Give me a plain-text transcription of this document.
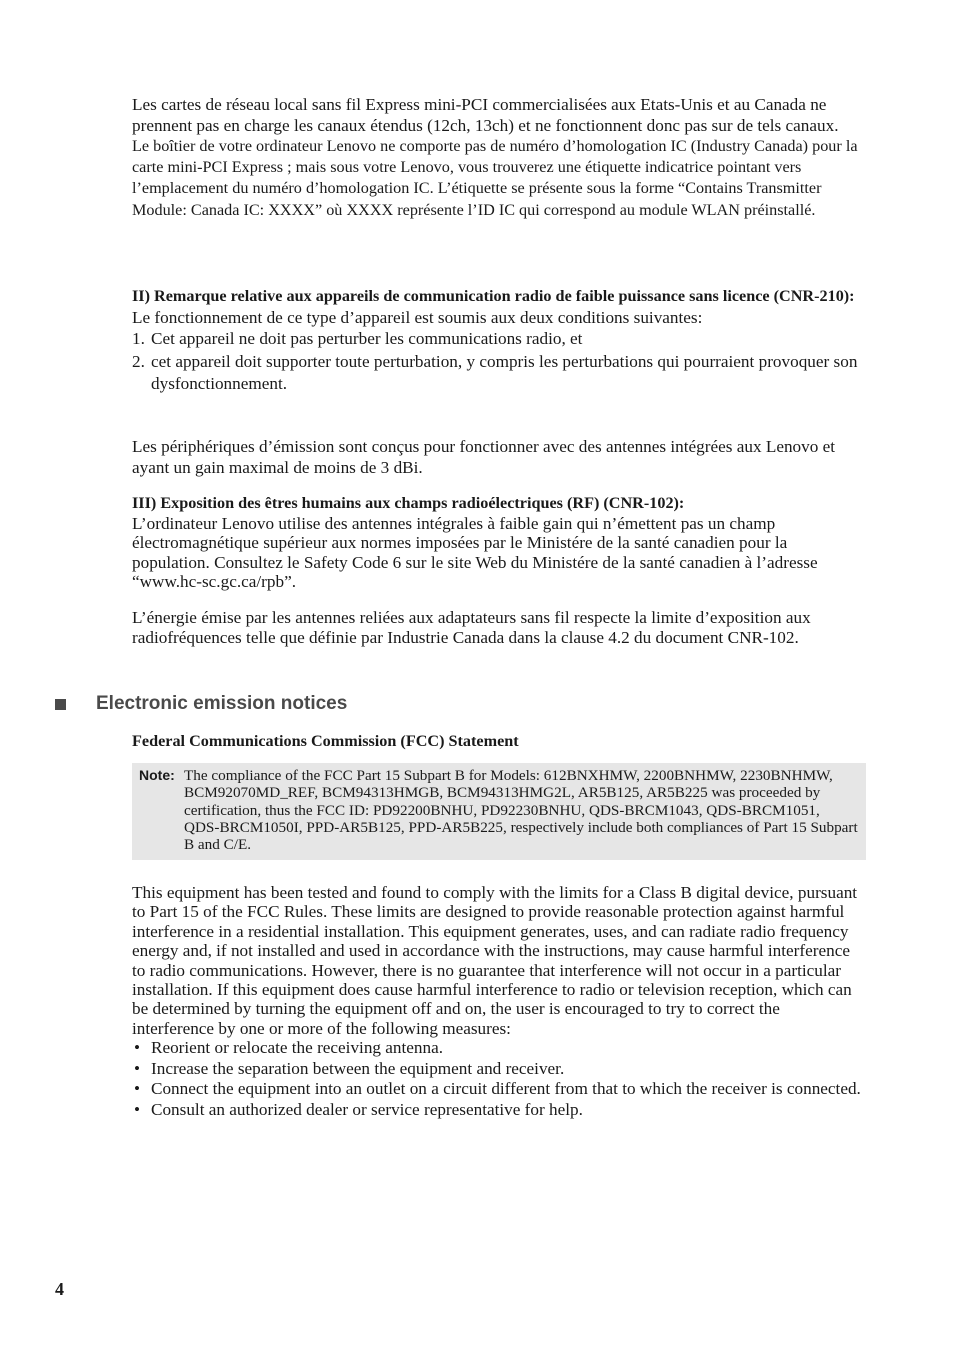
Les cartes de réseau local sans fil Express mini-PCI commercialisées aux Etats-Unis et au Canada ne prennent pas en charge les canaux étendus (12ch, 13ch) et ne fonctionnent donc pas sur de tels canaux.

Le boîtier de votre ordinateur Lenovo ne comporte pas de numéro d’homologation IC (Industry Canada) pour la carte mini-PCI Express ; mais sous votre Lenovo, vous trouverez une étiquette indicatrice pointant vers l’emplacement du numéro d’homologation IC. L’étiquette se présente sous la forme “Contains Transmitter Module: Canada IC: XXXX” où XXXX représente l’ID IC qui correspond au module WLAN préinstallé.

II) Remarque relative aux appareils de communication radio de faible puissance sans licence (CNR-210):

Le fonctionnement de ce type d’appareil est soumis aux deux conditions suivantes:

1. Cet appareil ne doit pas perturber les communications radio, et
2. cet appareil doit supporter toute perturbation, y compris les perturbations qui pourraient provoquer son dysfonctionnement.

Les périphériques d’émission sont conçus pour fonctionner avec des antennes intégrées aux Lenovo et ayant un gain maximal de moins de 3 dBi.

III) Exposition des êtres humains aux champs radioélectriques (RF) (CNR-102):

L’ordinateur Lenovo utilise des antennes intégrales à faible gain qui n’émettent pas un champ électromagnétique supérieur aux normes imposées par le Ministére de la santé canadien pour la population. Consultez le Safety Code 6 sur le site Web du Ministére de la santé canadien à l’adresse “www.hc-sc.gc.ca/rpb”.

L’énergie émise par les antennes reliées aux adaptateurs sans fil respecte la limite d’exposition aux radiofréquences telle que définie par Industrie Canada dans la clause 4.2 du document CNR-102.

Electronic emission notices

Federal Communications Commission (FCC) Statement

Note: The compliance of the FCC Part 15 Subpart B for Models: 612BNXHMW, 2200BNHMW, 2230BNHMW, BCM92070MD_REF, BCM94313HMGB, BCM94313HMG2L, AR5B125, AR5B225 was proceeded by certification, thus the FCC ID: PD92200BNHU, PD92230BNHU, QDS-BRCM1043, QDS-BRCM1051, QDS-BRCM1050I, PPD-AR5B125, PPD-AR5B225, respectively include both compliances of Part 15 Subpart B and C/E.

This equipment has been tested and found to comply with the limits for a Class B digital device, pursuant to Part 15 of the FCC Rules. These limits are designed to provide reasonable protection against harmful interference in a residential installation. This equipment generates, uses, and can radiate radio frequency energy and, if not installed and used in accordance with the instructions, may cause harmful interference to radio communications. However, there is no guarantee that interference will not occur in a particular installation. If this equipment does cause harmful interference to radio or television reception, which can be determined by turning the equipment off and on, the user is encouraged to try to correct the interference by one or more of the following measures:

• Reorient or relocate the receiving antenna.
• Increase the separation between the equipment and receiver.
• Connect the equipment into an outlet on a circuit different from that to which the receiver is connected.
• Consult an authorized dealer or service representative for help.
4
